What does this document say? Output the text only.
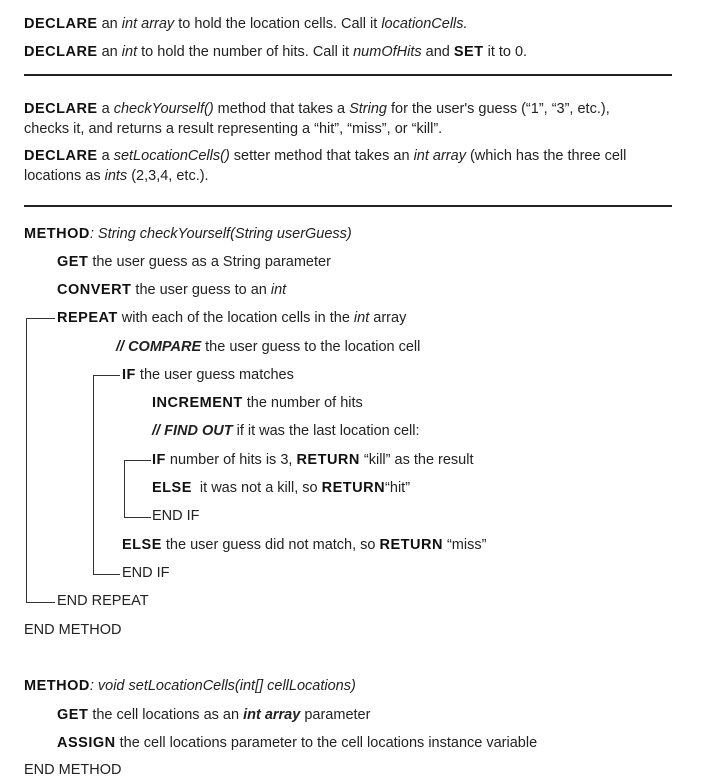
DECLARE an int array to hold the location cells. Call it locationCells.
DECLARE an int to hold the number of hits. Call it numOfHits and SET it to 0.
DECLARE a checkYourself() method that takes a String for the user's guess (“1”, “3”, etc.),
checks it, and returns a result representing a “hit”, “miss”, or “kill”.
DECLARE a setLocationCells() setter method that takes an int array (which has the three cell
locations as ints (2,3,4, etc.).
METHOD: String checkYourself(String userGuess)
GET the user guess as a String parameter
CONVERT the user guess to an int
REPEAT with each of the location cells in the int array
// COMPARE the user guess to the location cell
IF the user guess matches
INCREMENT the number of hits
// FIND OUT if it was the last location cell:
IF number of hits is 3, RETURN “kill” as the result
ELSE  it was not a kill, so RETURN“hit”
END IF
ELSE the user guess did not match, so RETURN “miss”
END IF
END REPEAT
END METHOD
METHOD: void setLocationCells(int[] cellLocations)
GET the cell locations as an int array parameter
ASSIGN the cell locations parameter to the cell locations instance variable
END METHOD
